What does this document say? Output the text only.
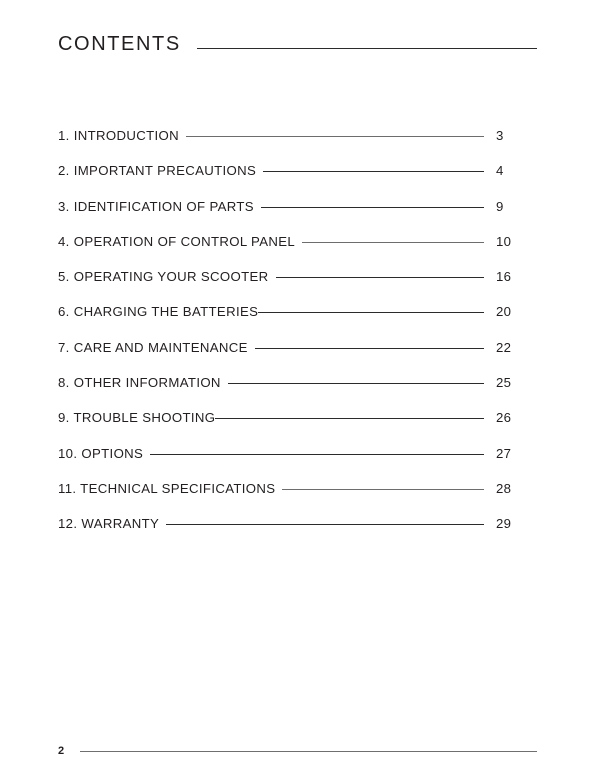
CONTENTS
1. INTRODUCTION	3
2. IMPORTANT PRECAUTIONS	4
3. IDENTIFICATION OF PARTS	9
4. OPERATION OF CONTROL PANEL	10
5. OPERATING YOUR SCOOTER	16
6. CHARGING THE BATTERIES	20
7. CARE AND MAINTENANCE	22
8. OTHER INFORMATION	25
9. TROUBLE SHOOTING	26
10. OPTIONS	27
11. TECHNICAL SPECIFICATIONS	28
12. WARRANTY	29
2
